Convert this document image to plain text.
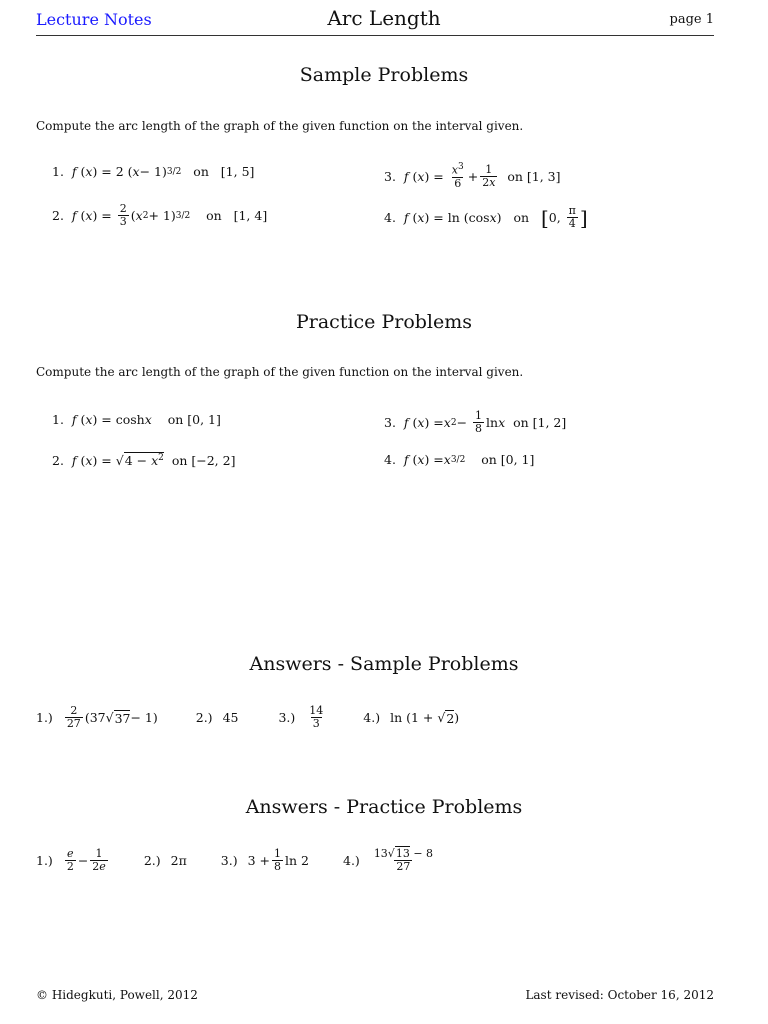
Lecture Notes	Arc Length	page 1
Sample Problems
Compute the arc length of the graph of the given function on the interval given.
1. f ( x ) = 2 ( x − 1) 3/2 on   [1, 5]
2. f ( x ) = $\frac{2}{3}$ ( x 2 + 1) 3/2 on   [1, 4]
3. f ( x ) = $\frac{x^3}{6} + \frac{1}{2x}$ on [1, 3]
4. f ( x ) = ln (cos x )   on [ 0, $\frac{\pi}{4}$ ]
Practice Problems
Compute the arc length of the graph of the given function on the interval given.
1. f ( x ) = cosh x on [0, 1]
2. f ( x ) = √ $4 - x^2$ on [−2, 2]
3. f ( x ) = x $2 - \frac{1}{8}$ ln x on [1, 2]
4. f ( x ) = x 3/2 on [0, 1]
Answers - Sample Problems
$1.) \frac{2}{27} (37√$ 37 − 1)	2.) 45	$3.) \frac{14}{3}$	4.) ln (1 + √ 2 )
Answers - Practice Problems
$1.) \frac{e}{2} - \frac{1}{2e}$	2.) 2π	3.) $3 + \frac{1}{8}$ ln 2	$4.) \frac{13√13 - 8}{27}$
© Hidegkuti, Powell, 2012	Last revised: October 16, 2012
